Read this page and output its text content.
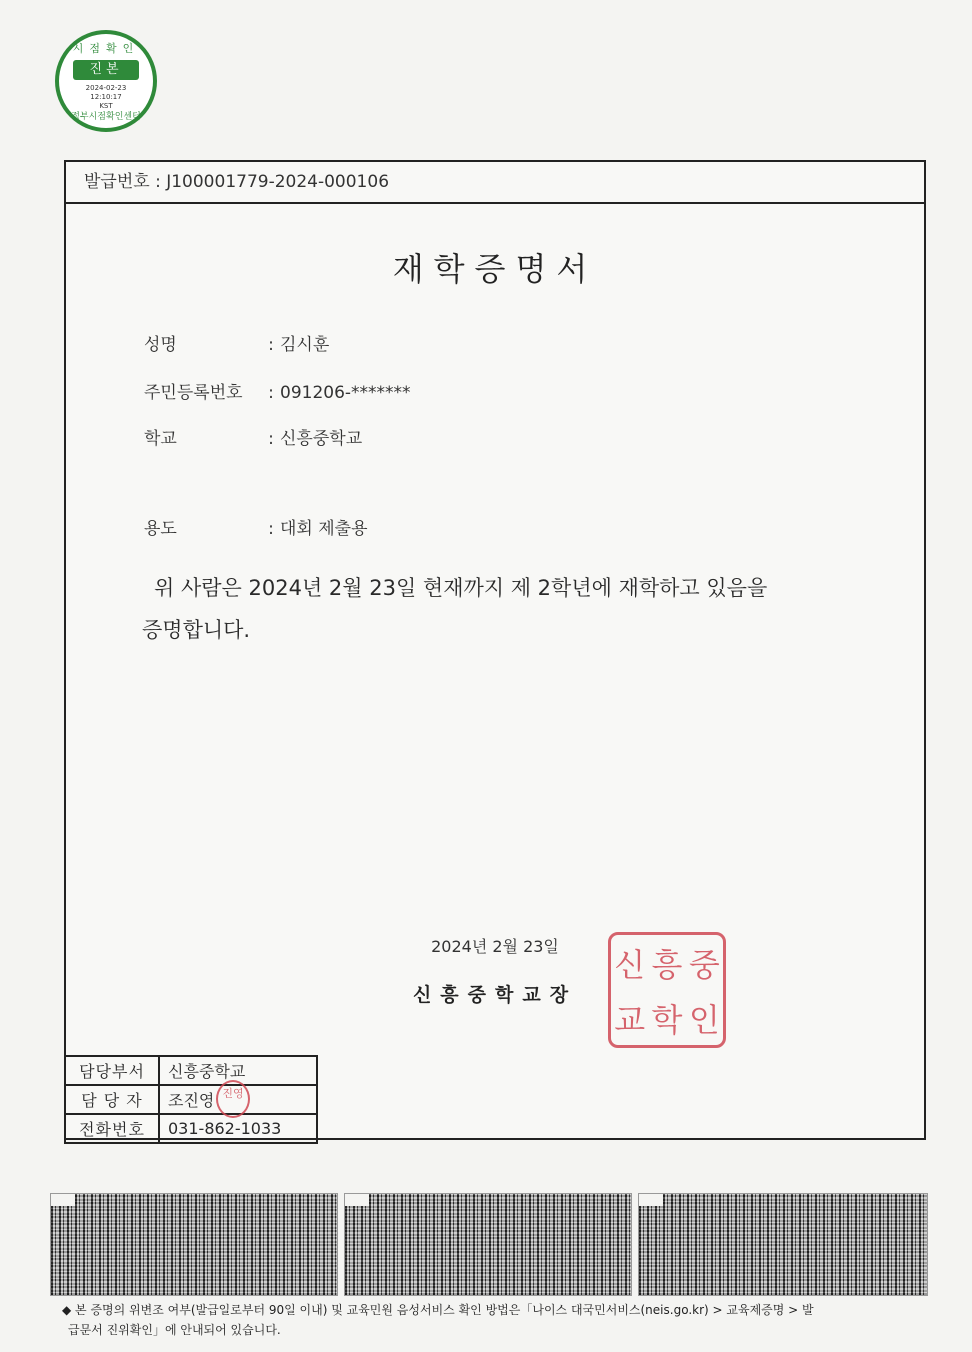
시점확인
진본
2024-02-23
12:10:17
KST
정부시점확인센터
발급번호 : J100001779-2024-000106
재학증명서
성명	: 김시훈
주민등록번호 : 091206-*******
학교	: 신흥중학교
용도	: 대회 제출용
위 사람은 2024년 2월 23일 현재까지 제 2학년에 재학하고 있음을
증명합니다.
2024년 2월 23일
신흥중학교장
신 흥 중
교 학 인
담당부서	신흥중학교
담 당 자	조진영 진영

전화번호	031-862-1033
◆ 본 증명의 위변조 여부(발급일로부터 90일 이내) 및 교육민원 음성서비스 확인 방법은「나이스 대국민서비스(neis.go.kr) > 교육제증명 > 발
급문서 진위확인」에 안내되어 있습니다.
